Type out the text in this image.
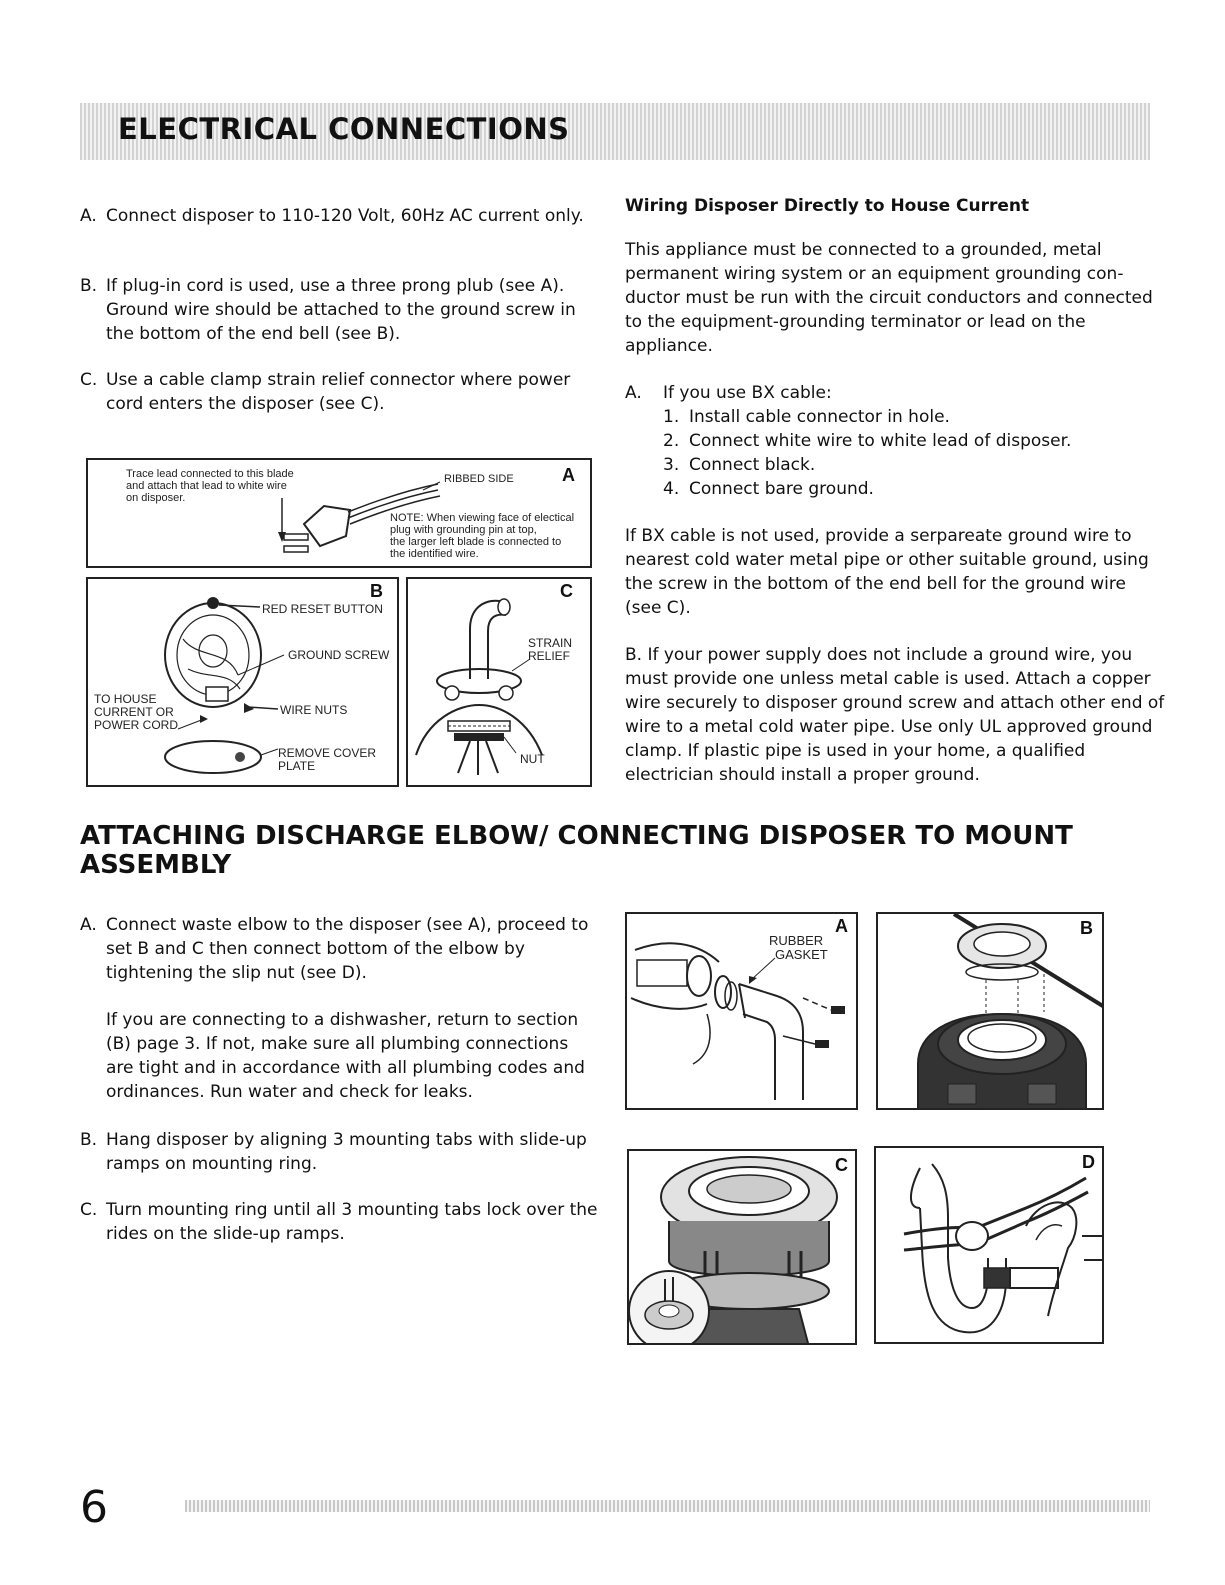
ELECTRICAL CONNECTIONS
A. Connect disposer to 110-120 Volt, 60Hz AC current only.
B. If plug-in cord is used, use a three prong plub (see A). Ground wire should be attached to the ground screw in the bottom of the end bell (see B).
C. Use a cable clamp strain relief connector where power cord enters the disposer (see C).
Trace lead connected to this blade
and attach that lead to white wire
on disposer.
RIBBED SIDE	A
NOTE: When viewing face of electical
plug with grounding pin at top,
the larger left blade is connected to
the identified wire.
B
RED RESET BUTTON
GROUND SCREW
TO HOUSE
CURRENT OR
POWER CORD
WIRE NUTS
REMOVE COVER
PLATE
C
STRAIN
RELIEF
NUT
Wiring Disposer Directly to House Current
This appliance must be connected to a grounded, metal permanent wiring system or an equipment grounding con-ductor must be run with the circuit conductors and connected to the equipment-grounding terminator or lead on the appliance.
A.	If you use BX cable:
1. Install cable connector in hole.
2. Connect white wire to white lead of disposer.
3. Connect black.
4. Connect bare ground.
If BX cable is not used, provide a serpareate ground wire to nearest cold water metal pipe or other suitable ground, using the screw in the bottom of the end bell for the ground wire (see C).
B. If your power supply does not include a ground wire, you must provide one unless metal cable is used. Attach a copper wire securely to disposer ground screw and attach other end of wire to a metal cold water pipe. Use only UL approved ground clamp. If plastic pipe is used in your home, a qualified electrician should install a proper ground.
ATTACHING DISCHARGE ELBOW/ CONNECTING DISPOSER TO MOUNT
ASSEMBLY
A. Connect waste elbow to the disposer (see A), proceed to set B and C then connect bottom of the elbow by tightening the slip nut (see D).
If you are connecting to a dishwasher, return to section (B) page 3. If not, make sure all plumbing connections are tight and in accordance with all plumbing codes and ordinances. Run water and check for leaks.
B. Hang disposer by aligning 3 mounting tabs with slide-up ramps on mounting ring.
C. Turn mounting ring until all 3 mounting tabs lock over the rides on the slide-up ramps.
A
RUBBER
GASKET
B
C	D
6
